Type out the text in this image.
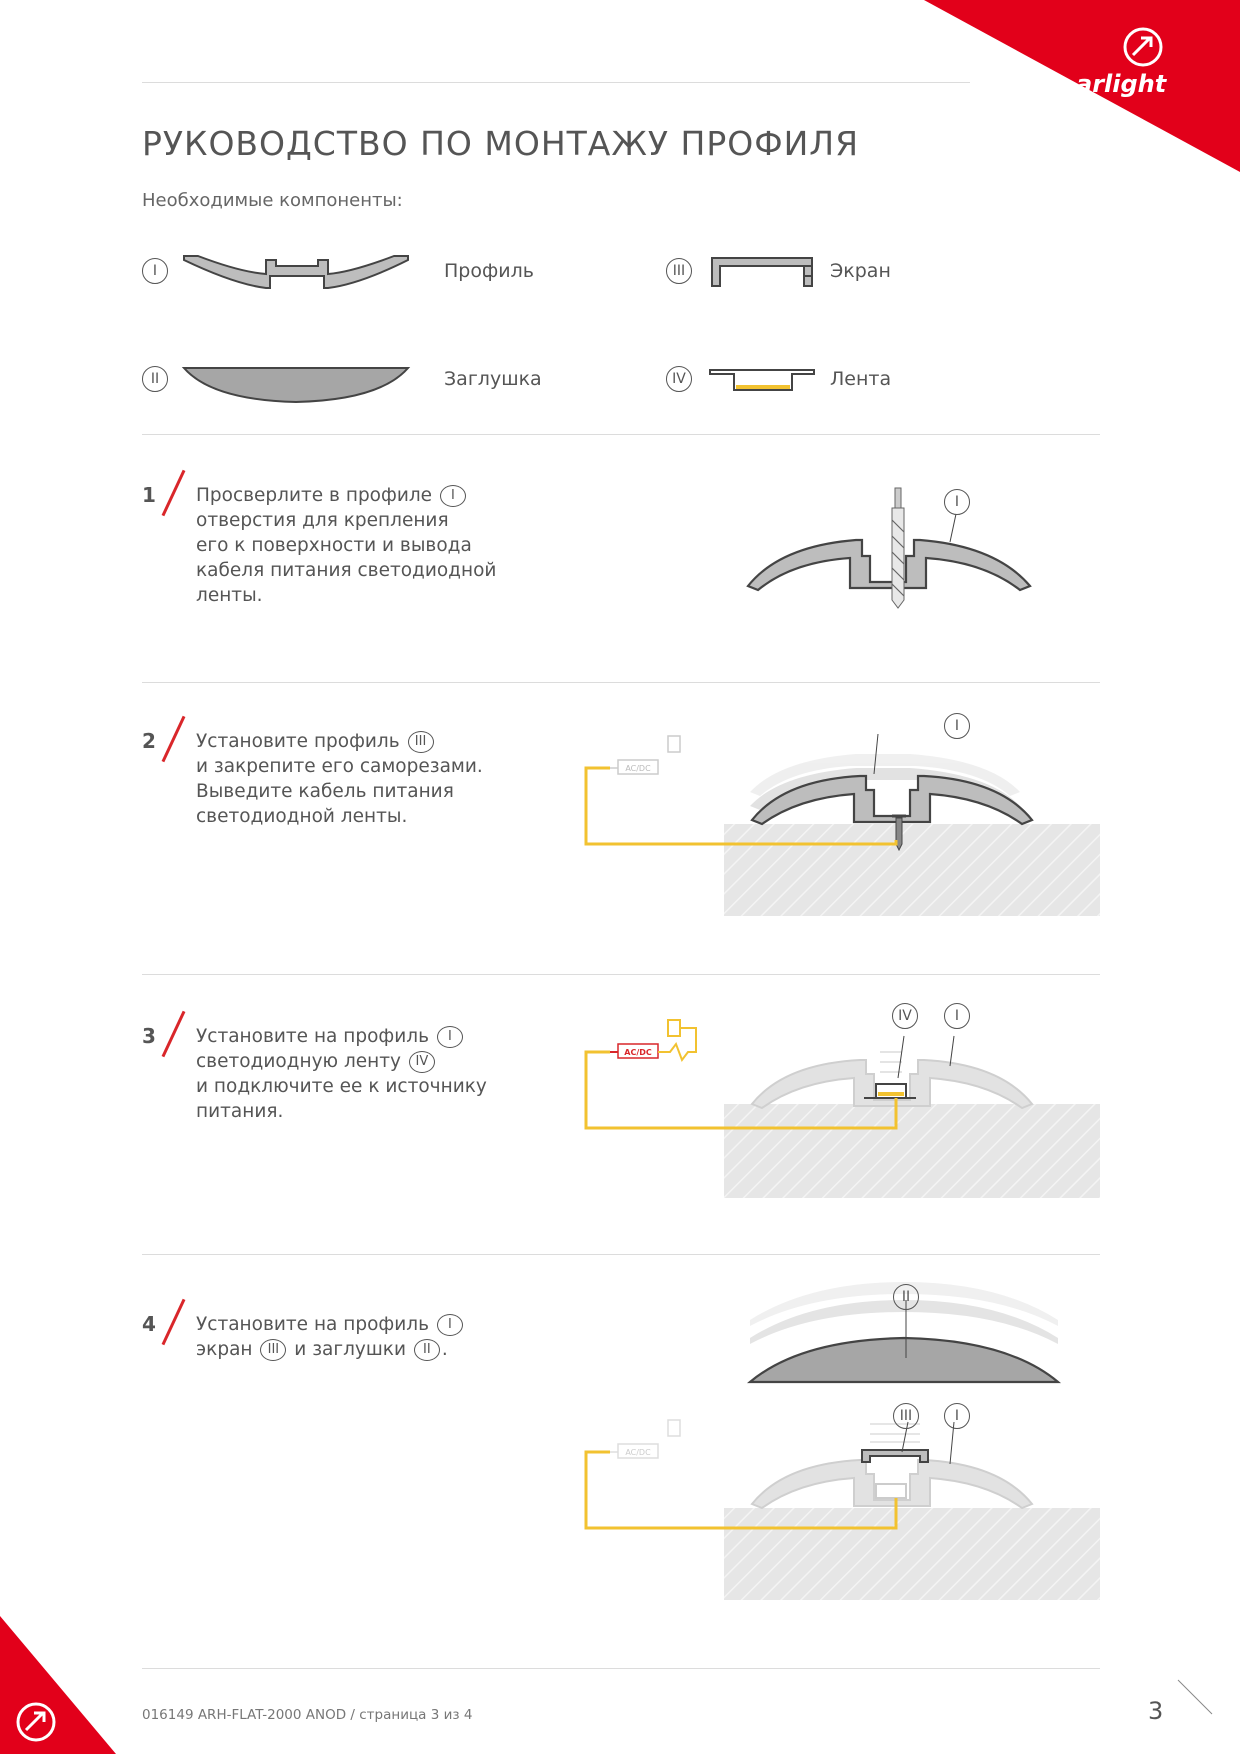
arlight
РУКОВОДСТВО ПО МОНТАЖУ ПРОФИЛЯ
Необходимые компоненты:
I	Профиль
II	Заглушка
III	Экран
IV	Лента
1 Просверлите в профиле I
отверстия для крепления
его к поверхности и вывода
кабеля питания светодиодной
ленты.
I
2 Установите профиль III
и закрепите его саморезами.
Выведите кабель питания
светодиодной ленты.
AC/DC
I
3 Установите на профиль I
светодиодную ленту IV
и подключите ее к источнику
питания.
AC/DC
IV	I
4 Установите на профиль I
экран III и заглушки II .
II
AC/DC
III	I
016149 ARH-FLAT-2000 ANOD / страница 3 из 4	3
